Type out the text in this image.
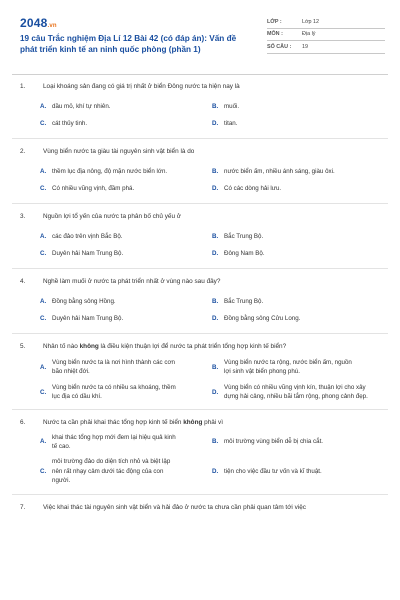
2048.vn
19 câu Trắc nghiệm Địa Lí 12 Bài 42 (có đáp án): Vấn đề phát triển kinh tế an ninh quốc phòng (phần 1)
LỚP :	Lớp 12
MÔN :	Địa lý
SỐ CÂU :	19
1.	Loại khoáng sản đang có giá trị nhất ở biển Đông nước ta hiện nay là
A. dầu mỏ, khí tự nhiên.	B. muối.
C. cát thủy tinh.	D. titan.
2.	Vùng biển nước ta giàu tài nguyên sinh vật biển là do
A. thềm lục địa nông, độ mặn nước biển lớn.	B. nước biển ấm, nhiều ánh sáng, giàu ôxi.
C. Có nhiều vũng vịnh, đầm phá.	D. Có các dòng hải lưu.
3.	Nguồn lợi tổ yến của nước ta phân bố chủ yếu ở
A. các đảo trên vịnh Bắc Bộ.	B. Bắc Trung Bộ.
C. Duyên hải Nam Trung Bộ.	D. Đông Nam Bộ.
4.	Nghề làm muối ở nước ta phát triển nhất ở vùng nào sau đây?
A. Đồng bằng sông Hồng.	B. Bắc Trung Bộ.
C. Duyên hải Nam Trung Bộ.	D. Đồng bằng sông Cửu Long.
5.	Nhân tố nào không là điều kiện thuận lợi để nước ta phát triển tổng hợp kinh tế biển?
A.
Vùng biển nước ta là nơi hình thành các cơn bão nhiệt đới.
B.
Vùng biển nước ta rộng, nước biển ấm, nguồn lợi sinh vật biển phong phú.
C.
Vùng biển nước ta có nhiều sa khoáng, thềm lục địa có dầu khí.
D.
Vùng biển có nhiều vũng vịnh kín, thuận lợi cho xây dựng hải cảng, nhiều bãi tắm rộng, phong cảnh đẹp.
6.	Nước ta cần phải khai thác tổng hợp kinh tế biển không phải vì
A.
khai thác tổng hợp mới đem lại hiệu quả kinh tế cao.
B. môi trường vùng biển dễ bị chia cắt.
C.
môi trường đảo do diện tích nhỏ và biệt lập nên rất nhạy cảm dưới tác động của con người.
D. tiện cho việc đầu tư vốn và kĩ thuật.
7.	Việc khai thác tài nguyên sinh vật biển và hải đảo ở nước ta chưa cần phải quan tâm tới việc
